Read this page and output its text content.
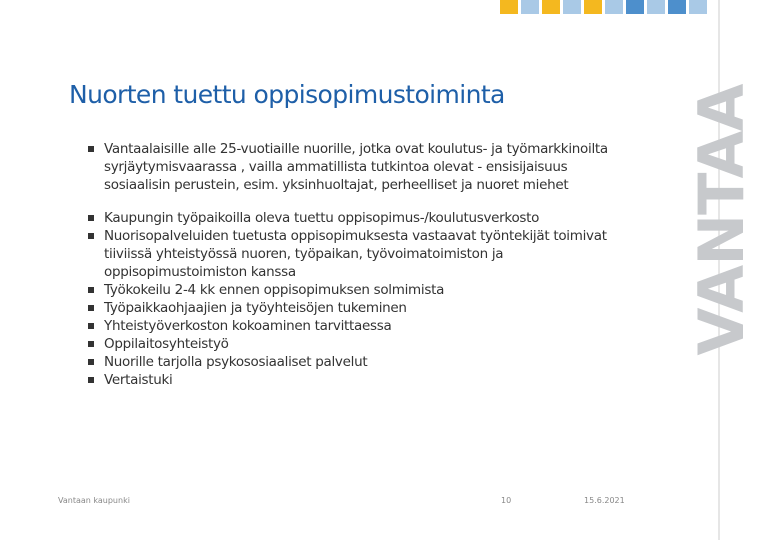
VANTAA
Nuorten tuettu oppisopimustoiminta
Vantaalaisille alle 25-vuotiaille nuorille, jotka ovat koulutus- ja työmarkkinoilta syrjäytymisvaarassa , vailla ammatillista tutkintoa olevat - ensisijaisuus sosiaalisin perustein, esim. yksinhuoltajat, perheelliset ja nuoret miehet
Kaupungin työpaikoilla oleva tuettu oppisopimus-/koulutusverkosto
Nuorisopalveluiden tuetusta oppisopimuksesta vastaavat työntekijät toimivat tiiviissä yhteistyössä nuoren, työpaikan, työvoimatoimiston ja oppisopimustoimiston kanssa
Työkokeilu 2-4 kk ennen oppisopimuksen solmimista
Työpaikkaohjaajien ja työyhteisöjen tukeminen
Yhteistyöverkoston kokoaminen tarvittaessa
Oppilaitosyhteistyö
Nuorille tarjolla psykososiaaliset palvelut
Vertaistuki
Vantaan kaupunki	10	15.6.2021
